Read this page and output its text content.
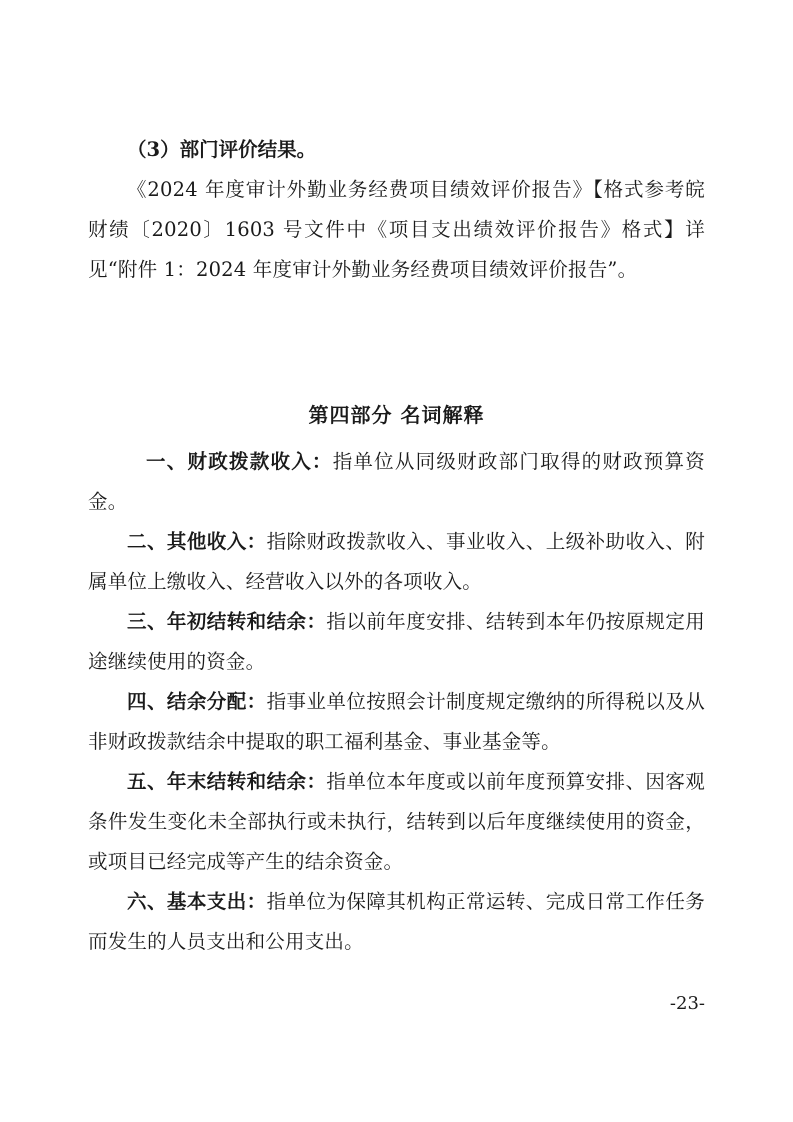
（3）部门评价结果。

《2024 年度审计外勤业务经费项目绩效评价报告》【格式参考皖财绩〔2020〕1603 号文件中《项目支出绩效评价报告》格式】详见“附件 1：2024 年度审计外勤业务经费项目绩效评价报告”。

第四部分 名词解释

一、财政拨款收入：指单位从同级财政部门取得的财政预算资金。

二、其他收入：指除财政拨款收入、事业收入、上级补助收入、附属单位上缴收入、经营收入以外的各项收入。

三、年初结转和结余：指以前年度安排、结转到本年仍按原规定用途继续使用的资金。

四、结余分配：指事业单位按照会计制度规定缴纳的所得税以及从非财政拨款结余中提取的职工福利基金、事业基金等。

五、年末结转和结余：指单位本年度或以前年度预算安排、因客观条件发生变化未全部执行或未执行，结转到以后年度继续使用的资金，或项目已经完成等产生的结余资金。

六、基本支出：指单位为保障其机构正常运转、完成日常工作任务而发生的人员支出和公用支出。

-23-
